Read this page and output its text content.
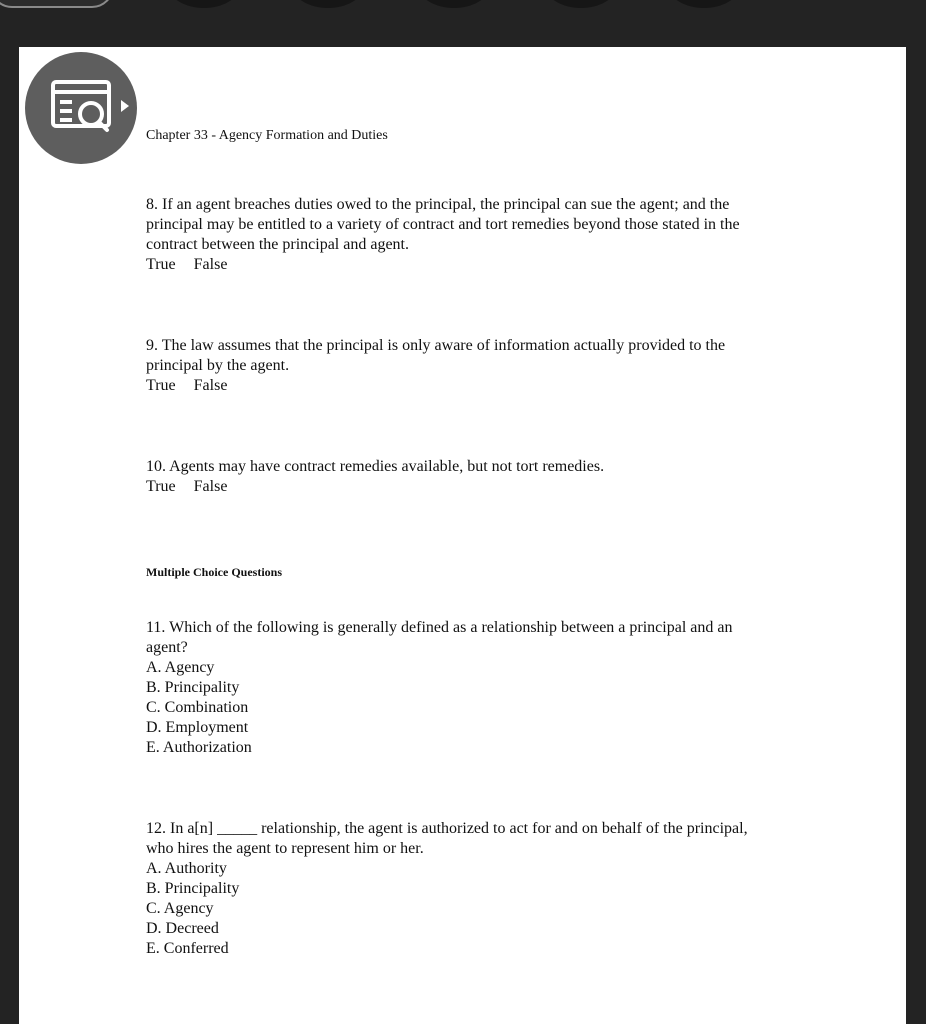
Chapter 33 - Agency Formation and Duties
8. If an agent breaches duties owed to the principal, the principal can sue the agent; and the
principal may be entitled to a variety of contract and tort remedies beyond those stated in the
contract between the principal and agent.
True False
9. The law assumes that the principal is only aware of information actually provided to the
principal by the agent.
True False
10. Agents may have contract remedies available, but not tort remedies.
True False
Multiple Choice Questions
11. Which of the following is generally defined as a relationship between a principal and an
agent?
A. Agency
B. Principality
C. Combination
D. Employment
E. Authorization
12. In a[n] _____ relationship, the agent is authorized to act for and on behalf of the principal,
who hires the agent to represent him or her.
A. Authority
B. Principality
C. Agency
D. Decreed
E. Conferred
